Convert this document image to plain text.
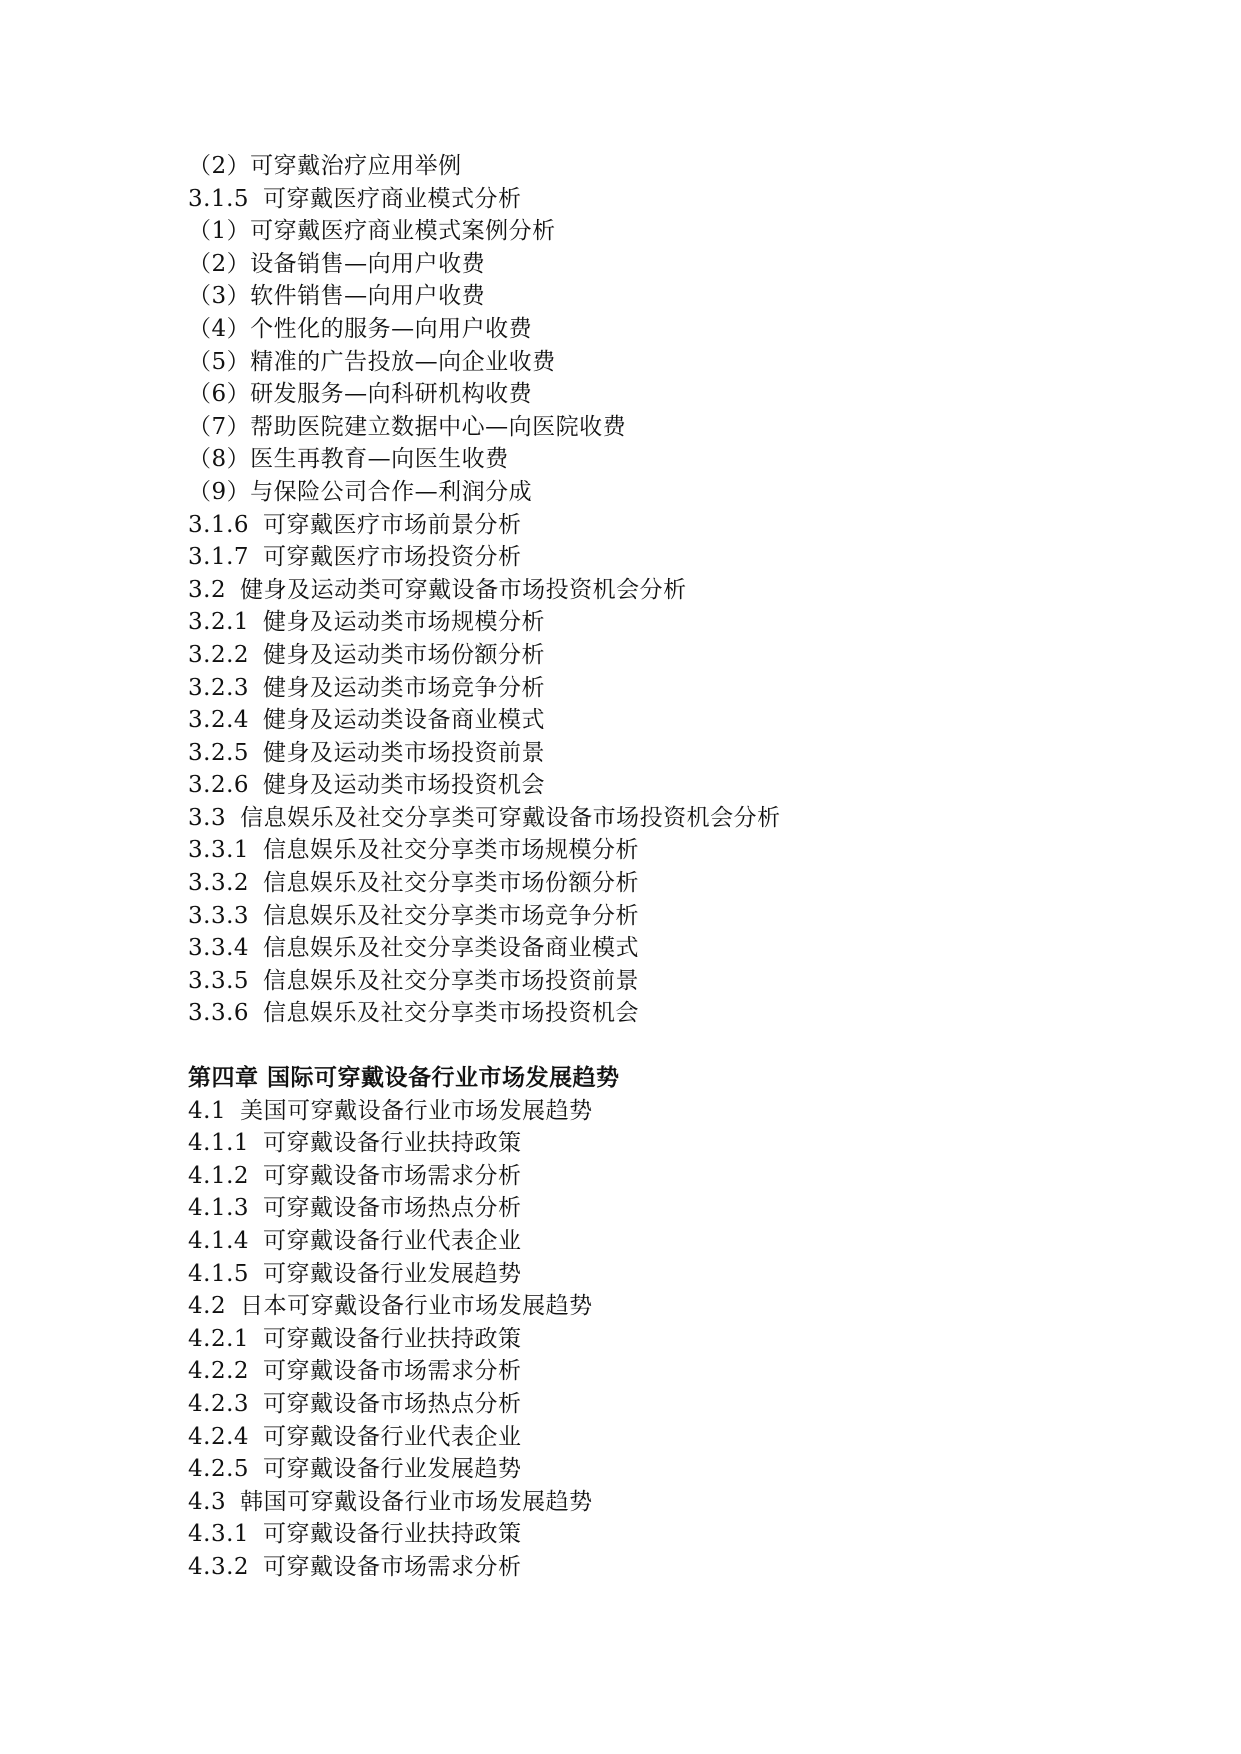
（2）可穿戴治疗应用举例
3.1.5 可穿戴医疗商业模式分析
（1）可穿戴医疗商业模式案例分析
（2）设备销售—向用户收费
（3）软件销售—向用户收费
（4）个性化的服务—向用户收费
（5）精准的广告投放—向企业收费
（6）研发服务—向科研机构收费
（7）帮助医院建立数据中心—向医院收费
（8）医生再教育—向医生收费
（9）与保险公司合作—利润分成
3.1.6 可穿戴医疗市场前景分析
3.1.7 可穿戴医疗市场投资分析
3.2 健身及运动类可穿戴设备市场投资机会分析
3.2.1 健身及运动类市场规模分析
3.2.2 健身及运动类市场份额分析
3.2.3 健身及运动类市场竞争分析
3.2.4 健身及运动类设备商业模式
3.2.5 健身及运动类市场投资前景
3.2.6 健身及运动类市场投资机会
3.3 信息娱乐及社交分享类可穿戴设备市场投资机会分析
3.3.1 信息娱乐及社交分享类市场规模分析
3.3.2 信息娱乐及社交分享类市场份额分析
3.3.3 信息娱乐及社交分享类市场竞争分析
3.3.4 信息娱乐及社交分享类设备商业模式
3.3.5 信息娱乐及社交分享类市场投资前景
3.3.6 信息娱乐及社交分享类市场投资机会
第四章 国际可穿戴设备行业市场发展趋势
4.1 美国可穿戴设备行业市场发展趋势
4.1.1 可穿戴设备行业扶持政策
4.1.2 可穿戴设备市场需求分析
4.1.3 可穿戴设备市场热点分析
4.1.4 可穿戴设备行业代表企业
4.1.5 可穿戴设备行业发展趋势
4.2 日本可穿戴设备行业市场发展趋势
4.2.1 可穿戴设备行业扶持政策
4.2.2 可穿戴设备市场需求分析
4.2.3 可穿戴设备市场热点分析
4.2.4 可穿戴设备行业代表企业
4.2.5 可穿戴设备行业发展趋势
4.3 韩国可穿戴设备行业市场发展趋势
4.3.1 可穿戴设备行业扶持政策
4.3.2 可穿戴设备市场需求分析
